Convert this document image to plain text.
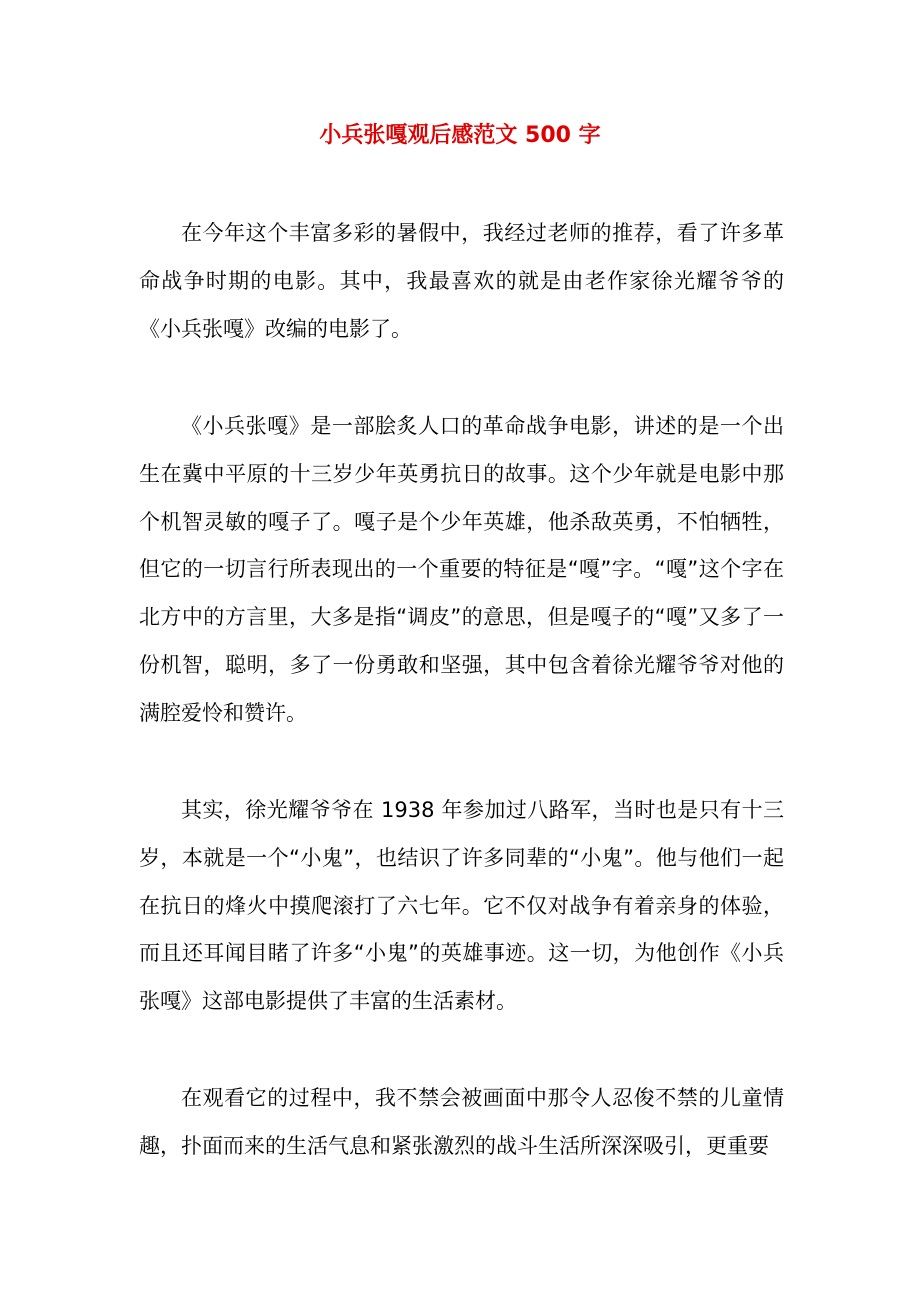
小兵张嘎观后感范文 500 字

在今年这个丰富多彩的暑假中，我经过老师的推荐，看了许多革命战争时期的电影。其中，我最喜欢的就是由老作家徐光耀爷爷的《小兵张嘎》改编的电影了。

《小兵张嘎》是一部脍炙人口的革命战争电影，讲述的是一个出生在冀中平原的十三岁少年英勇抗日的故事。这个少年就是电影中那个机智灵敏的嘎子了。嘎子是个少年英雄，他杀敌英勇，不怕牺牲，但它的一切言行所表现出的一个重要的特征是“嘎”字。“嘎”这个字在北方中的方言里，大多是指“调皮”的意思，但是嘎子的“嘎”又多了一份机智，聪明，多了一份勇敢和坚强，其中包含着徐光耀爷爷对他的满腔爱怜和赞许。

其实，徐光耀爷爷在 1938 年参加过八路军，当时也是只有十三岁，本就是一个“小鬼”，也结识了许多同辈的“小鬼”。他与他们一起在抗日的烽火中摸爬滚打了六七年。它不仅对战争有着亲身的体验，而且还耳闻目睹了许多“小鬼”的英雄事迹。这一切，为他创作《小兵张嘎》这部电影提供了丰富的生活素材。

在观看它的过程中，我不禁会被画面中那令人忍俊不禁的儿童情趣，扑面而来的生活气息和紧张激烈的战斗生活所深深吸引，更重要
